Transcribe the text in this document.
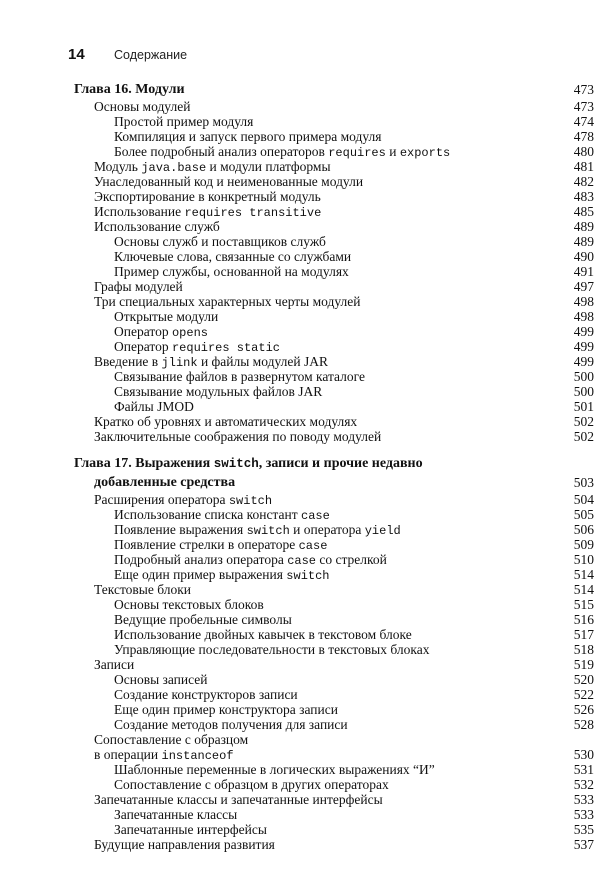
14 Содержание
Глава 16. Модули	473
Основы модулей	473
Простой пример модуля	474
Компиляция и запуск первого примера модуля	478
Более подробный анализ операторов requires и exports	480
Модуль java.base и модули платформы	481
Унаследованный код и неименованные модули	482
Экспортирование в конкретный модуль	483
Использование requires transitive	485
Использование служб	489
Основы служб и поставщиков служб	489
Ключевые слова, связанные со службами	490
Пример службы, основанной на модулях	491
Графы модулей	497
Три специальных характерных черты модулей	498
Открытые модули	498
Оператор opens	499
Оператор requires static	499
Введение в jlink и файлы модулей JAR	499
Связывание файлов в развернутом каталоге	500
Связывание модульных файлов JAR	500
Файлы JMOD	501
Кратко об уровнях и автоматических модулях	502
Заключительные соображения по поводу модулей	502
Глава 17. Выражения switch, записи и прочие недавно
добавленные средства	503
Расширения оператора switch	504
Использование списка констант case	505
Появление выражения switch и оператора yield	506
Появление стрелки в операторе case	509
Подробный анализ оператора case со стрелкой	510
Еще один пример выражения switch	514
Текстовые блоки	514
Основы текстовых блоков	515
Ведущие пробельные символы	516
Использование двойных кавычек в текстовом блоке	517
Управляющие последовательности в текстовых блоках	518
Записи	519
Основы записей	520
Создание конструкторов записи	522
Еще один пример конструктора записи	526
Создание методов получения для записи	528
Сопоставление с образцом
в операции instanceof	530
Шаблонные переменные в логических выражениях “И”	531
Сопоставление с образцом в других операторах	532
Запечатанные классы и запечатанные интерфейсы	533
Запечатанные классы	533
Запечатанные интерфейсы	535
Будущие направления развития	537
